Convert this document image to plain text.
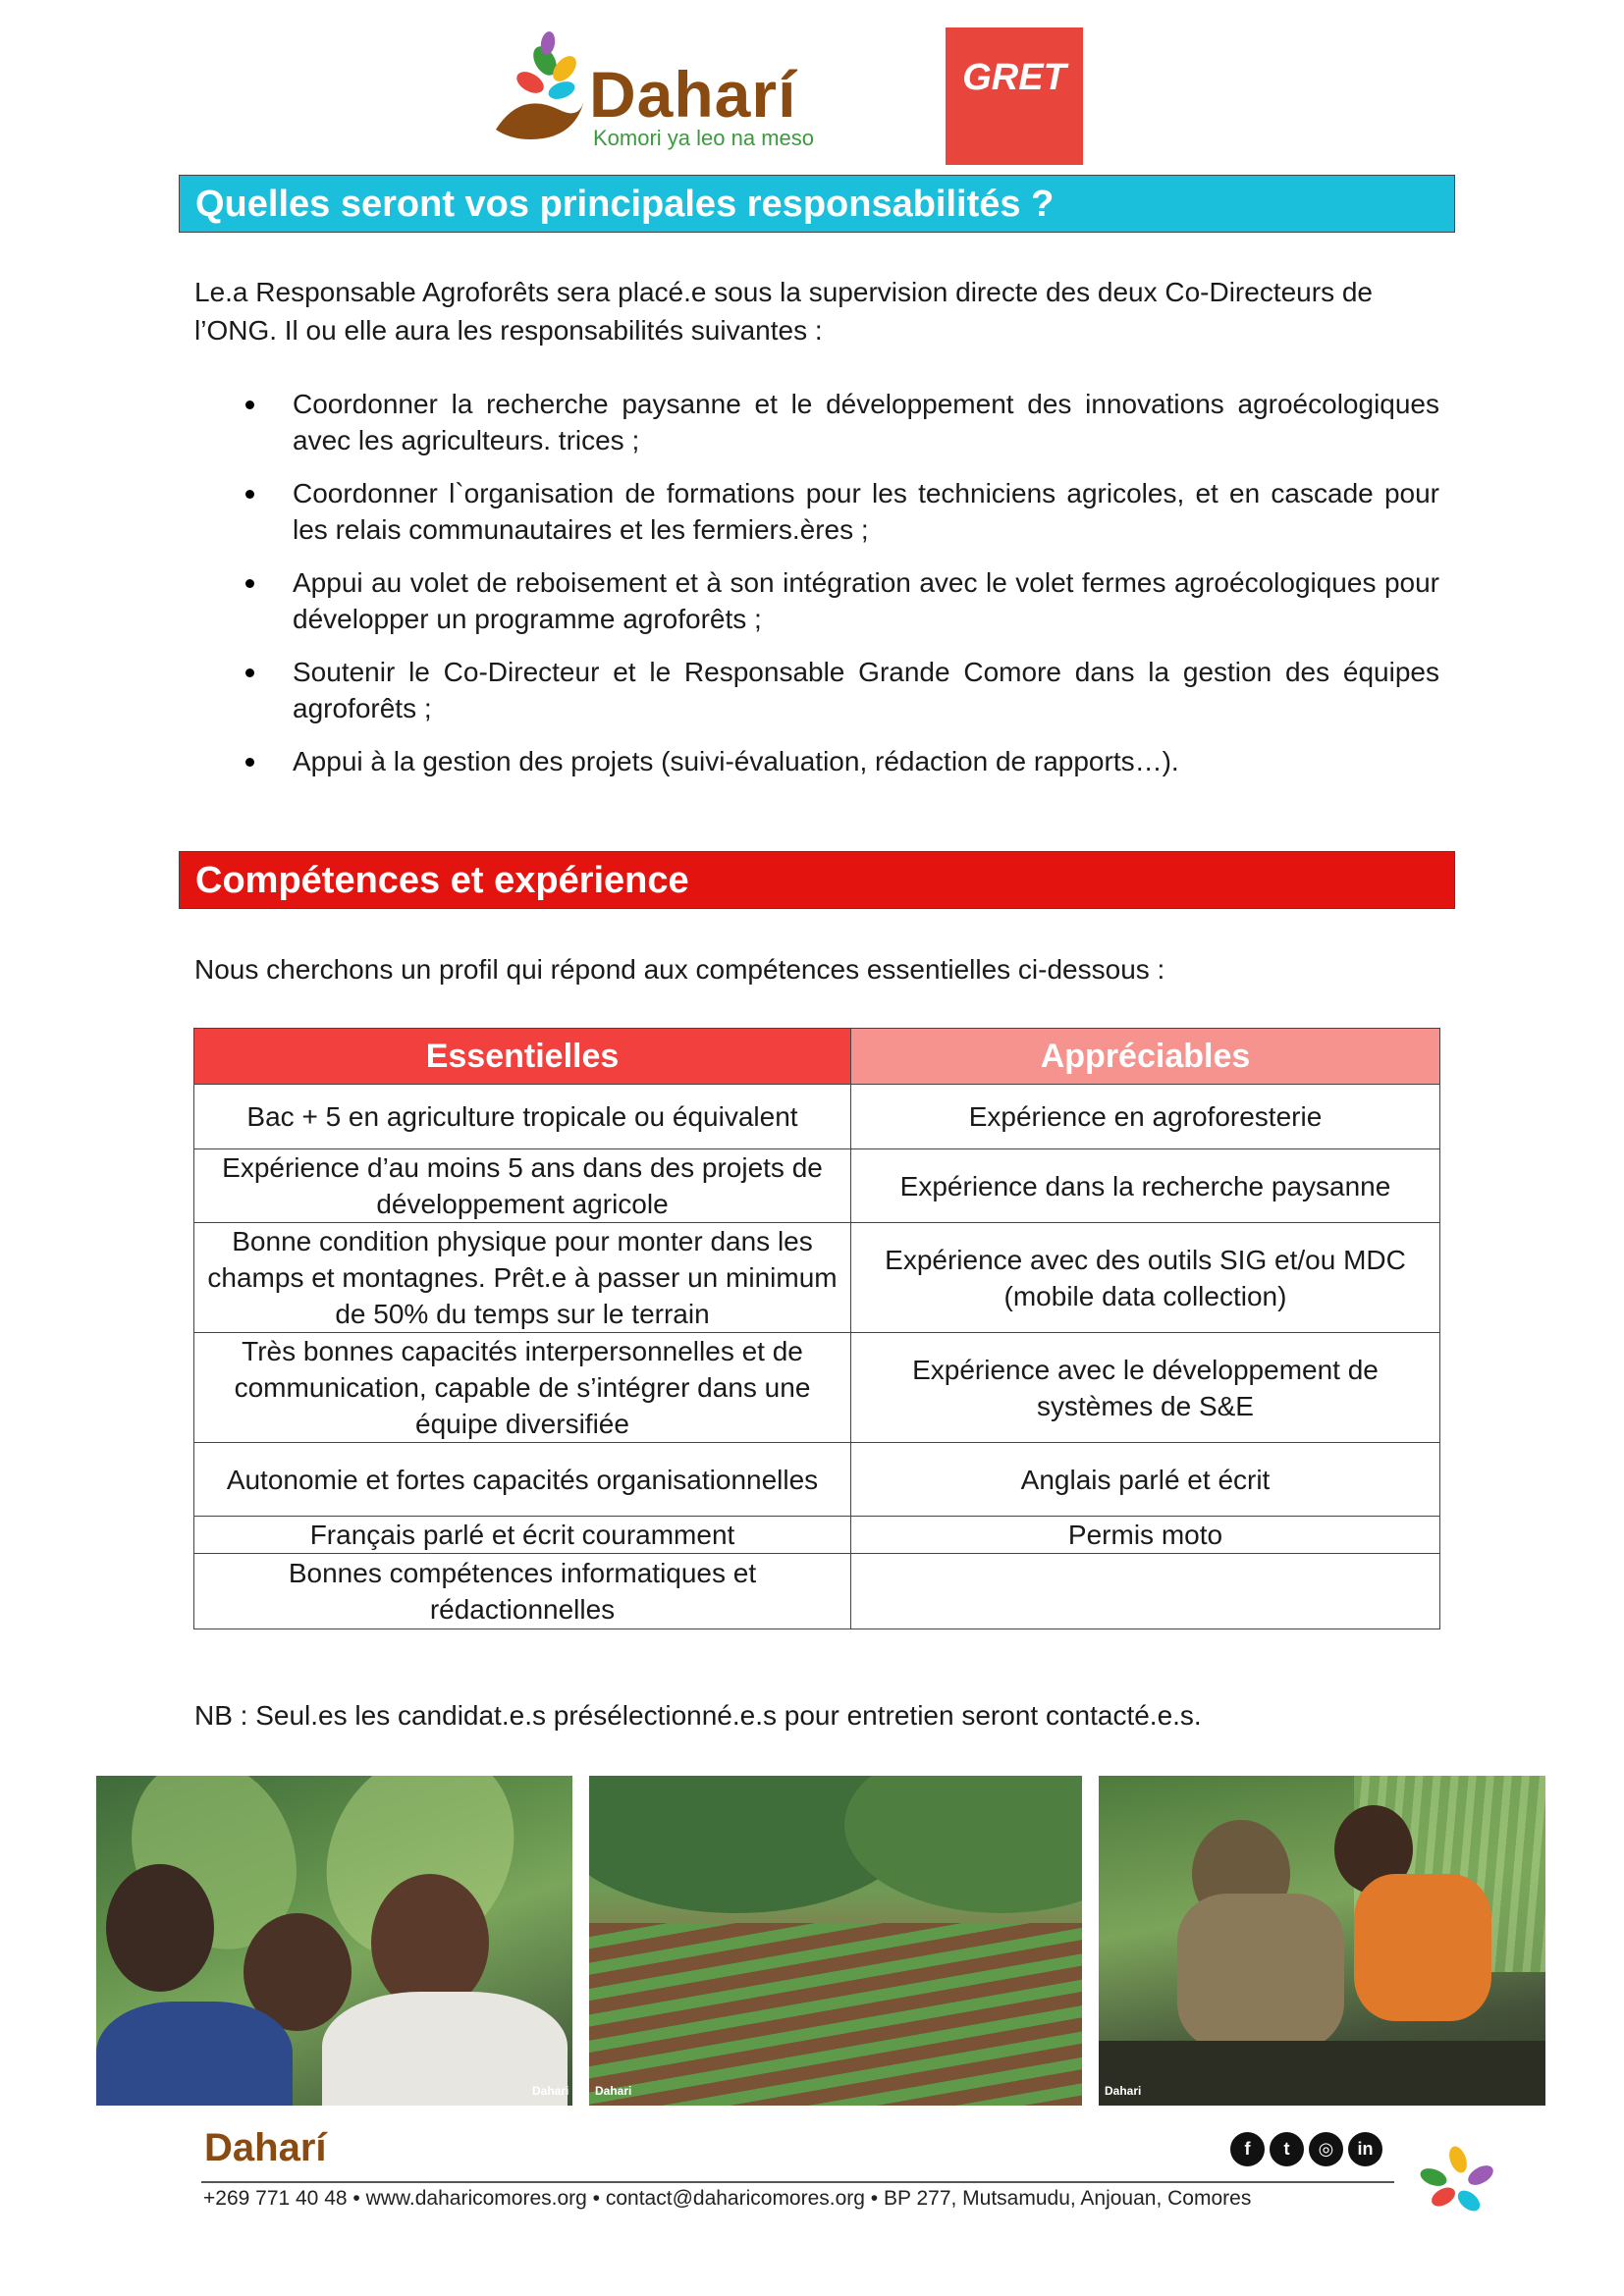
Daharí
Komori ya leo na meso
GRET
Quelles seront vos principales responsabilités ?
Le.a Responsable Agroforêts sera placé.e sous la supervision directe des deux Co-Directeurs de l’ONG. Il ou elle aura les responsabilités suivantes :
Coordonner la recherche paysanne et le développement des innovations agroécologiques avec les agriculteurs. trices ;
Coordonner l`organisation de formations pour les techniciens agricoles, et en cascade pour les relais communautaires et les fermiers.ères ;
Appui au volet de reboisement et à son intégration avec le volet fermes agroécologiques pour développer un programme agroforêts ;
Soutenir le Co-Directeur et le Responsable Grande Comore dans la gestion des équipes agroforêts ;
Appui à la gestion des projets (suivi-évaluation, rédaction de rapports…).
Compétences et expérience
Nous cherchons un profil qui répond aux compétences essentielles ci-dessous :
Essentielles	Appréciables
Bac + 5 en agriculture tropicale ou équivalent	Expérience en agroforesterie
Expérience d’au moins 5 ans dans des projets de développement agricole	Expérience dans la recherche paysanne
Bonne condition physique pour monter dans les champs et montagnes. Prêt.e à passer un minimum de 50% du temps sur le terrain	Expérience avec des outils SIG et/ou MDC (mobile data collection)
Très bonnes capacités interpersonnelles et de communication, capable de s’intégrer dans une équipe diversifiée	Expérience avec le développement de systèmes de S&E
Autonomie et fortes capacités organisationnelles	Anglais parlé et écrit
Français parlé et écrit couramment	Permis moto
Bonnes compétences informatiques et rédactionnelles	
NB : Seul.es les candidat.e.s présélectionné.e.s pour entretien seront contacté.e.s.
Dahari Dahari	Dahari
Daharí	f t ◎ in
+269 771 40 48 • www.daharicomores.org • contact@daharicomores.org • BP 277, Mutsamudu, Anjouan, Comores
